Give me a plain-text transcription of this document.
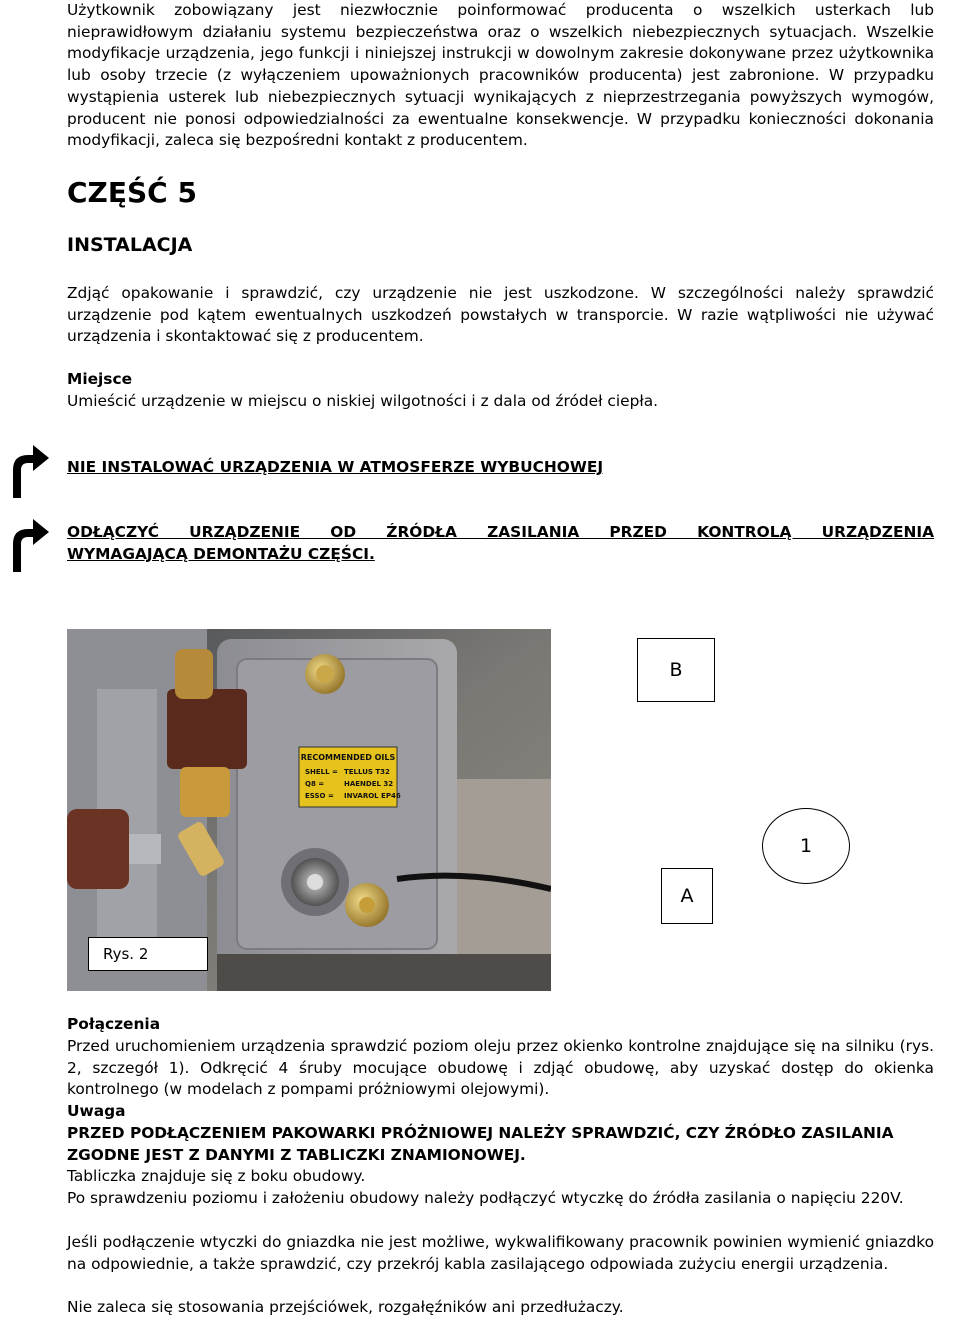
Użytkownik zobowiązany jest niezwłocznie poinformować producenta o wszelkich usterkach lub nieprawidłowym działaniu systemu bezpieczeństwa oraz o wszelkich niebezpiecznych sytuacjach. Wszelkie modyfikacje urządzenia, jego funkcji i niniejszej instrukcji w dowolnym zakresie dokonywane przez użytkownika lub osoby trzecie (z wyłączeniem upoważnionych pracowników producenta) jest zabronione. W przypadku wystąpienia usterek lub niebezpiecznych sytuacji wynikających z nieprzestrzegania powyższych wymogów, producent nie ponosi odpowiedzialności za ewentualne konsekwencje. W przypadku konieczności dokonania modyfikacji, zaleca się bezpośredni kontakt z producentem.

CZĘŚĆ 5
INSTALACJA

Zdjąć opakowanie i sprawdzić, czy urządzenie nie jest uszkodzone. W szczególności należy sprawdzić urządzenie pod kątem ewentualnych uszkodzeń powstałych w transporcie. W razie wątpliwości nie używać urządzenia i skontaktować się z producentem.

Miejsce

Umieścić urządzenie w miejscu o niskiej wilgotności i z dala od źródeł ciepła.

NIE INSTALOWAĆ URZĄDZENIA W ATMOSFERZE WYBUCHOWEJ

ODŁĄCZYĆ URZĄDZENIE OD ŹRÓDŁA ZASILANIA PRZED KONTROLĄ URZĄDZENIA
WYMAGAJĄCĄ DEMONTAŻU CZĘŚCI.
RECOMMENDED OILS
SHELL = TELLUS T32
Q8 =	HAENDEL 32
ESSO = INVAROL EP46
B
1
A
Rys. 2

Połączenia

Przed uruchomieniem urządzenia sprawdzić poziom oleju przez okienko kontrolne znajdujące się na silniku (rys. 2, szczegół 1). Odkręcić 4 śruby mocujące obudowę i zdjąć obudowę, aby uzyskać dostęp do okienka kontrolnego (w modelach z pompami próżniowymi olejowymi).

Uwaga

PRZED PODŁĄCZENIEM PAKOWARKI PRÓŻNIOWEJ NALEŻY SPRAWDZIĆ, CZY ŹRÓDŁO ZASILANIA ZGODNE JEST Z DANYMI Z TABLICZKI ZNAMIONOWEJ.

Tabliczka znajduje się z boku obudowy.

Po sprawdzeniu poziomu i założeniu obudowy należy podłączyć wtyczkę do źródła zasilania o napięciu 220V.

Jeśli podłączenie wtyczki do gniazdka nie jest możliwe, wykwalifikowany pracownik powinien wymienić gniazdko na odpowiednie, a także sprawdzić, czy przekrój kabla zasilającego odpowiada zużyciu energii urządzenia.

Nie zaleca się stosowania przejściówek, rozgałęźników ani przedłużaczy.
